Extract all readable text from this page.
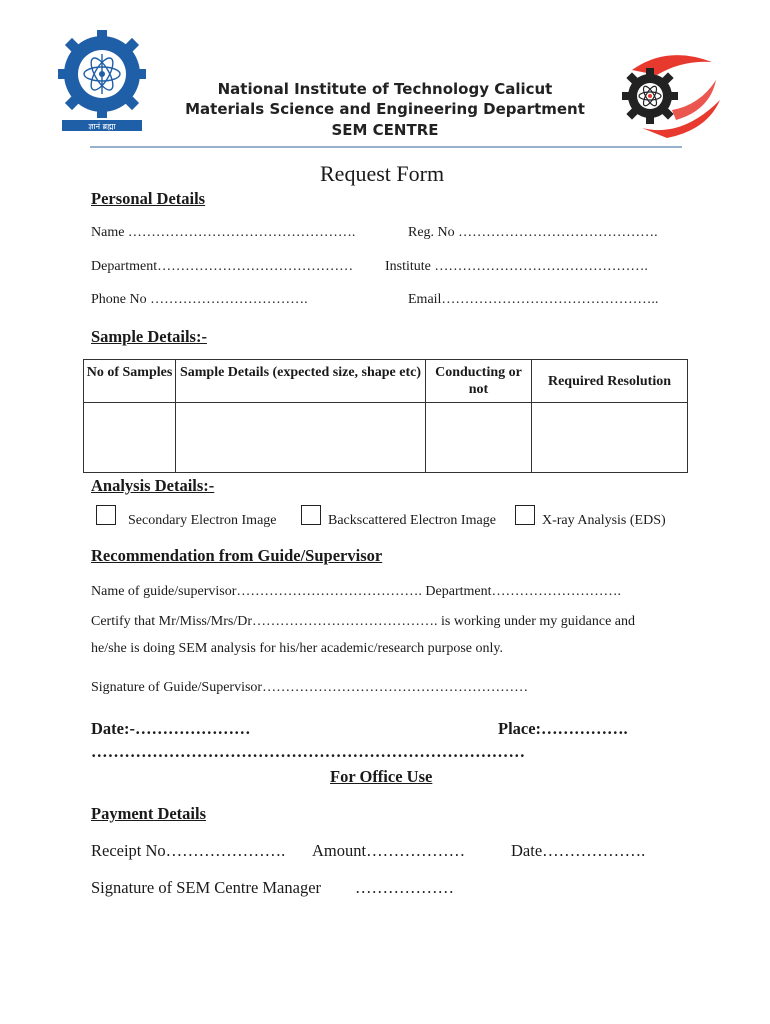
ज्ञानं ब्रह्मा
National Institute of Technology Calicut
Materials Science and Engineering Department
SEM CENTRE
Request Form
Personal Details
Name ………………………………………….	Reg. No …………………………………….
Department…………………………………… Institute ……………………………………….
Phone No …………………………….	Email………………………………………..
Sample Details:-
No of Samples	Sample Details (expected size, shape etc)	Conducting or not	Required Resolution

Analysis Details:-
Secondary Electron Image	Backscattered Electron Image	X-ray Analysis (EDS)
Recommendation from Guide/Supervisor
Name of guide/supervisor…………………………………. Department……………………….
Certify that Mr/Miss/Mrs/Dr…………………………………. is working under my guidance and
he/she is doing SEM analysis for his/her academic/research purpose only.
Signature of Guide/Supervisor…………………………………………………
Date:-…………………	Place:…………….
……………………………………………………………………
For Office Use
Payment Details
Receipt No…………………. Amount………………	Date……………….
Signature of SEM Centre Manager ………………
